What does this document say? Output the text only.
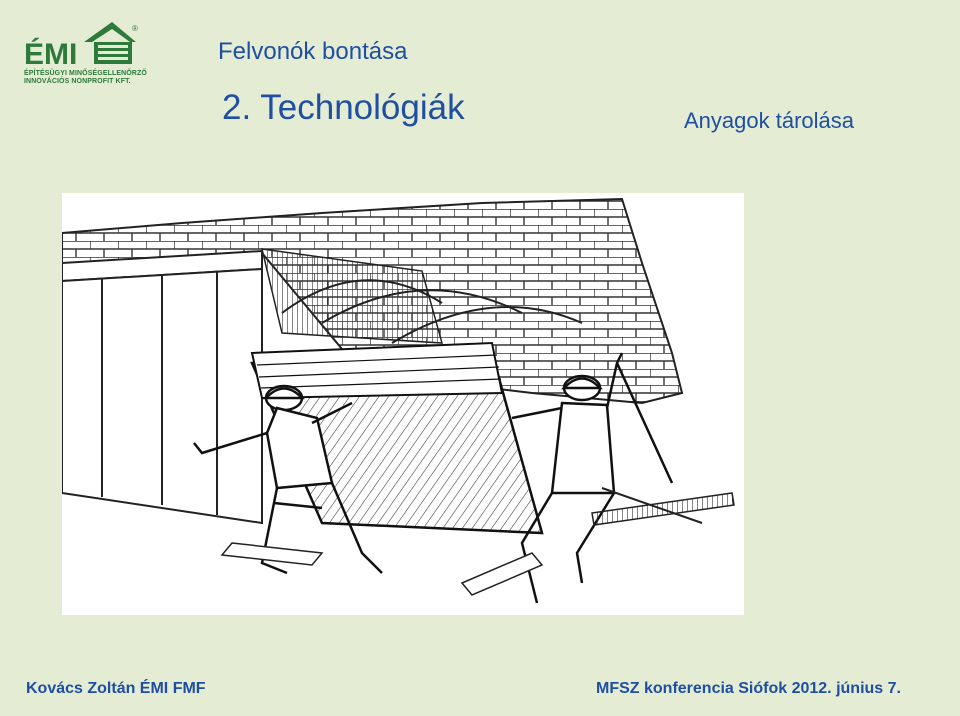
ÉMI
®
ÉPÍTÉSÜGYI MINŐSÉGELLENŐRZŐ
INNOVÁCIÓS NONPROFIT KFT.
Felvonók bontása
2. Technológiák	Anyagok tárolása
Kovács Zoltán ÉMI FMF	MFSZ konferencia Siófok 2012. június 7.
